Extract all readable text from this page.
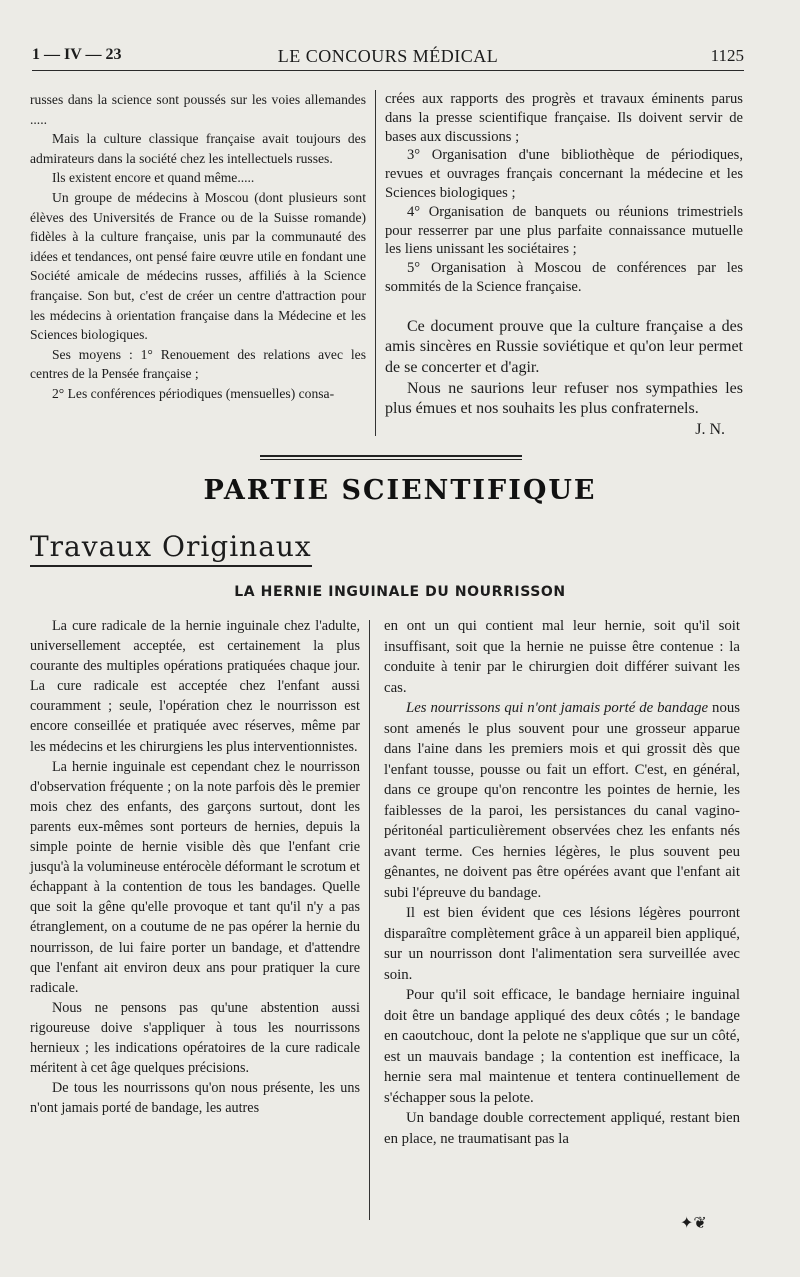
1 — IV — 23	LE CONCOURS MÉDICAL	1125

russes dans la science sont poussés sur les voies allemandes .....

Mais la culture classique française avait toujours des admirateurs dans la société chez les intellectuels russes.

Ils existent encore et quand même.....

Un groupe de médecins à Moscou (dont plusieurs sont élèves des Universités de France ou de la Suisse romande) fidèles à la culture française, unis par la communauté des idées et tendances, ont pensé faire œuvre utile en fondant une Société amicale de médecins russes, affiliés à la Science française. Son but, c'est de créer un centre d'attraction pour les médecins à orientation française dans la Médecine et les Sciences biologiques.

Ses moyens : 1° Renouement des relations avec les centres de la Pensée française ;

2° Les conférences périodiques (mensuelles) consa-

crées aux rapports des progrès et travaux éminents parus dans la presse scientifique française. Ils doivent servir de bases aux discussions ;

3° Organisation d'une bibliothèque de périodiques, revues et ouvrages français concernant la médecine et les Sciences biologiques ;

4° Organisation de banquets ou réunions trimestriels pour resserrer par une plus parfaite connaissance mutuelle les liens unissant les sociétaires ;

5° Organisation à Moscou de conférences par les sommités de la Science française.

Ce document prouve que la culture française a des amis sincères en Russie soviétique et qu'on leur permet de se concerter et d'agir.

Nous ne saurions leur refuser nos sympathies les plus émues et nos souhaits les plus confraternels.

J. N.

PARTIE SCIENTIFIQUE
Travaux Originaux
LA HERNIE INGUINALE DU NOURRISSON

La cure radicale de la hernie inguinale chez l'adulte, universellement acceptée, est certainement la plus courante des multiples opérations pratiquées chaque jour. La cure radicale est acceptée chez l'enfant aussi couramment ; seule, l'opération chez le nourrisson est encore conseillée et pratiquée avec réserves, même par les médecins et les chirurgiens les plus interventionnistes.

La hernie inguinale est cependant chez le nourrisson d'observation fréquente ; on la note parfois dès le premier mois chez des enfants, des garçons surtout, dont les parents eux-mêmes sont porteurs de hernies, depuis la simple pointe de hernie visible dès que l'enfant crie jusqu'à la volumineuse entérocèle déformant le scrotum et échappant à la contention de tous les bandages. Quelle que soit la gêne qu'elle provoque et tant qu'il n'y a pas étranglement, on a coutume de ne pas opérer la hernie du nourrisson, de lui faire porter un bandage, et d'attendre que l'enfant ait environ deux ans pour pratiquer la cure radicale.

Nous ne pensons pas qu'une abstention aussi rigoureuse doive s'appliquer à tous les nourrissons hernieux ; les indications opératoires de la cure radicale méritent à cet âge quelques précisions.

De tous les nourrissons qu'on nous présente, les uns n'ont jamais porté de bandage, les autres

en ont un qui contient mal leur hernie, soit qu'il soit insuffisant, soit que la hernie ne puisse être contenue : la conduite à tenir par le chirurgien doit différer suivant les cas.

Les nourrissons qui n'ont jamais porté de bandage nous sont amenés le plus souvent pour une grosseur apparue dans l'aine dans les premiers mois et qui grossit dès que l'enfant tousse, pousse ou fait un effort. C'est, en général, dans ce groupe qu'on rencontre les pointes de hernie, les faiblesses de la paroi, les persistances du canal vagino-péritonéal particulièrement observées chez les enfants nés avant terme. Ces hernies légères, le plus souvent peu gênantes, ne doivent pas être opérées avant que l'enfant ait subi l'épreuve du bandage.

Il est bien évident que ces lésions légères pourront disparaître complètement grâce à un appareil bien appliqué, sur un nourrisson dont l'alimentation sera surveillée avec soin.

Pour qu'il soit efficace, le bandage herniaire inguinal doit être un bandage appliqué des deux côtés ; le bandage en caoutchouc, dont la pelote ne s'applique que sur un côté, est un mauvais bandage ; la contention est inefficace, la hernie sera mal maintenue et tentera continuellement de s'échapper sous la pelote.

Un bandage double correctement appliqué, restant bien en place, ne traumatisant pas la

✦❦
